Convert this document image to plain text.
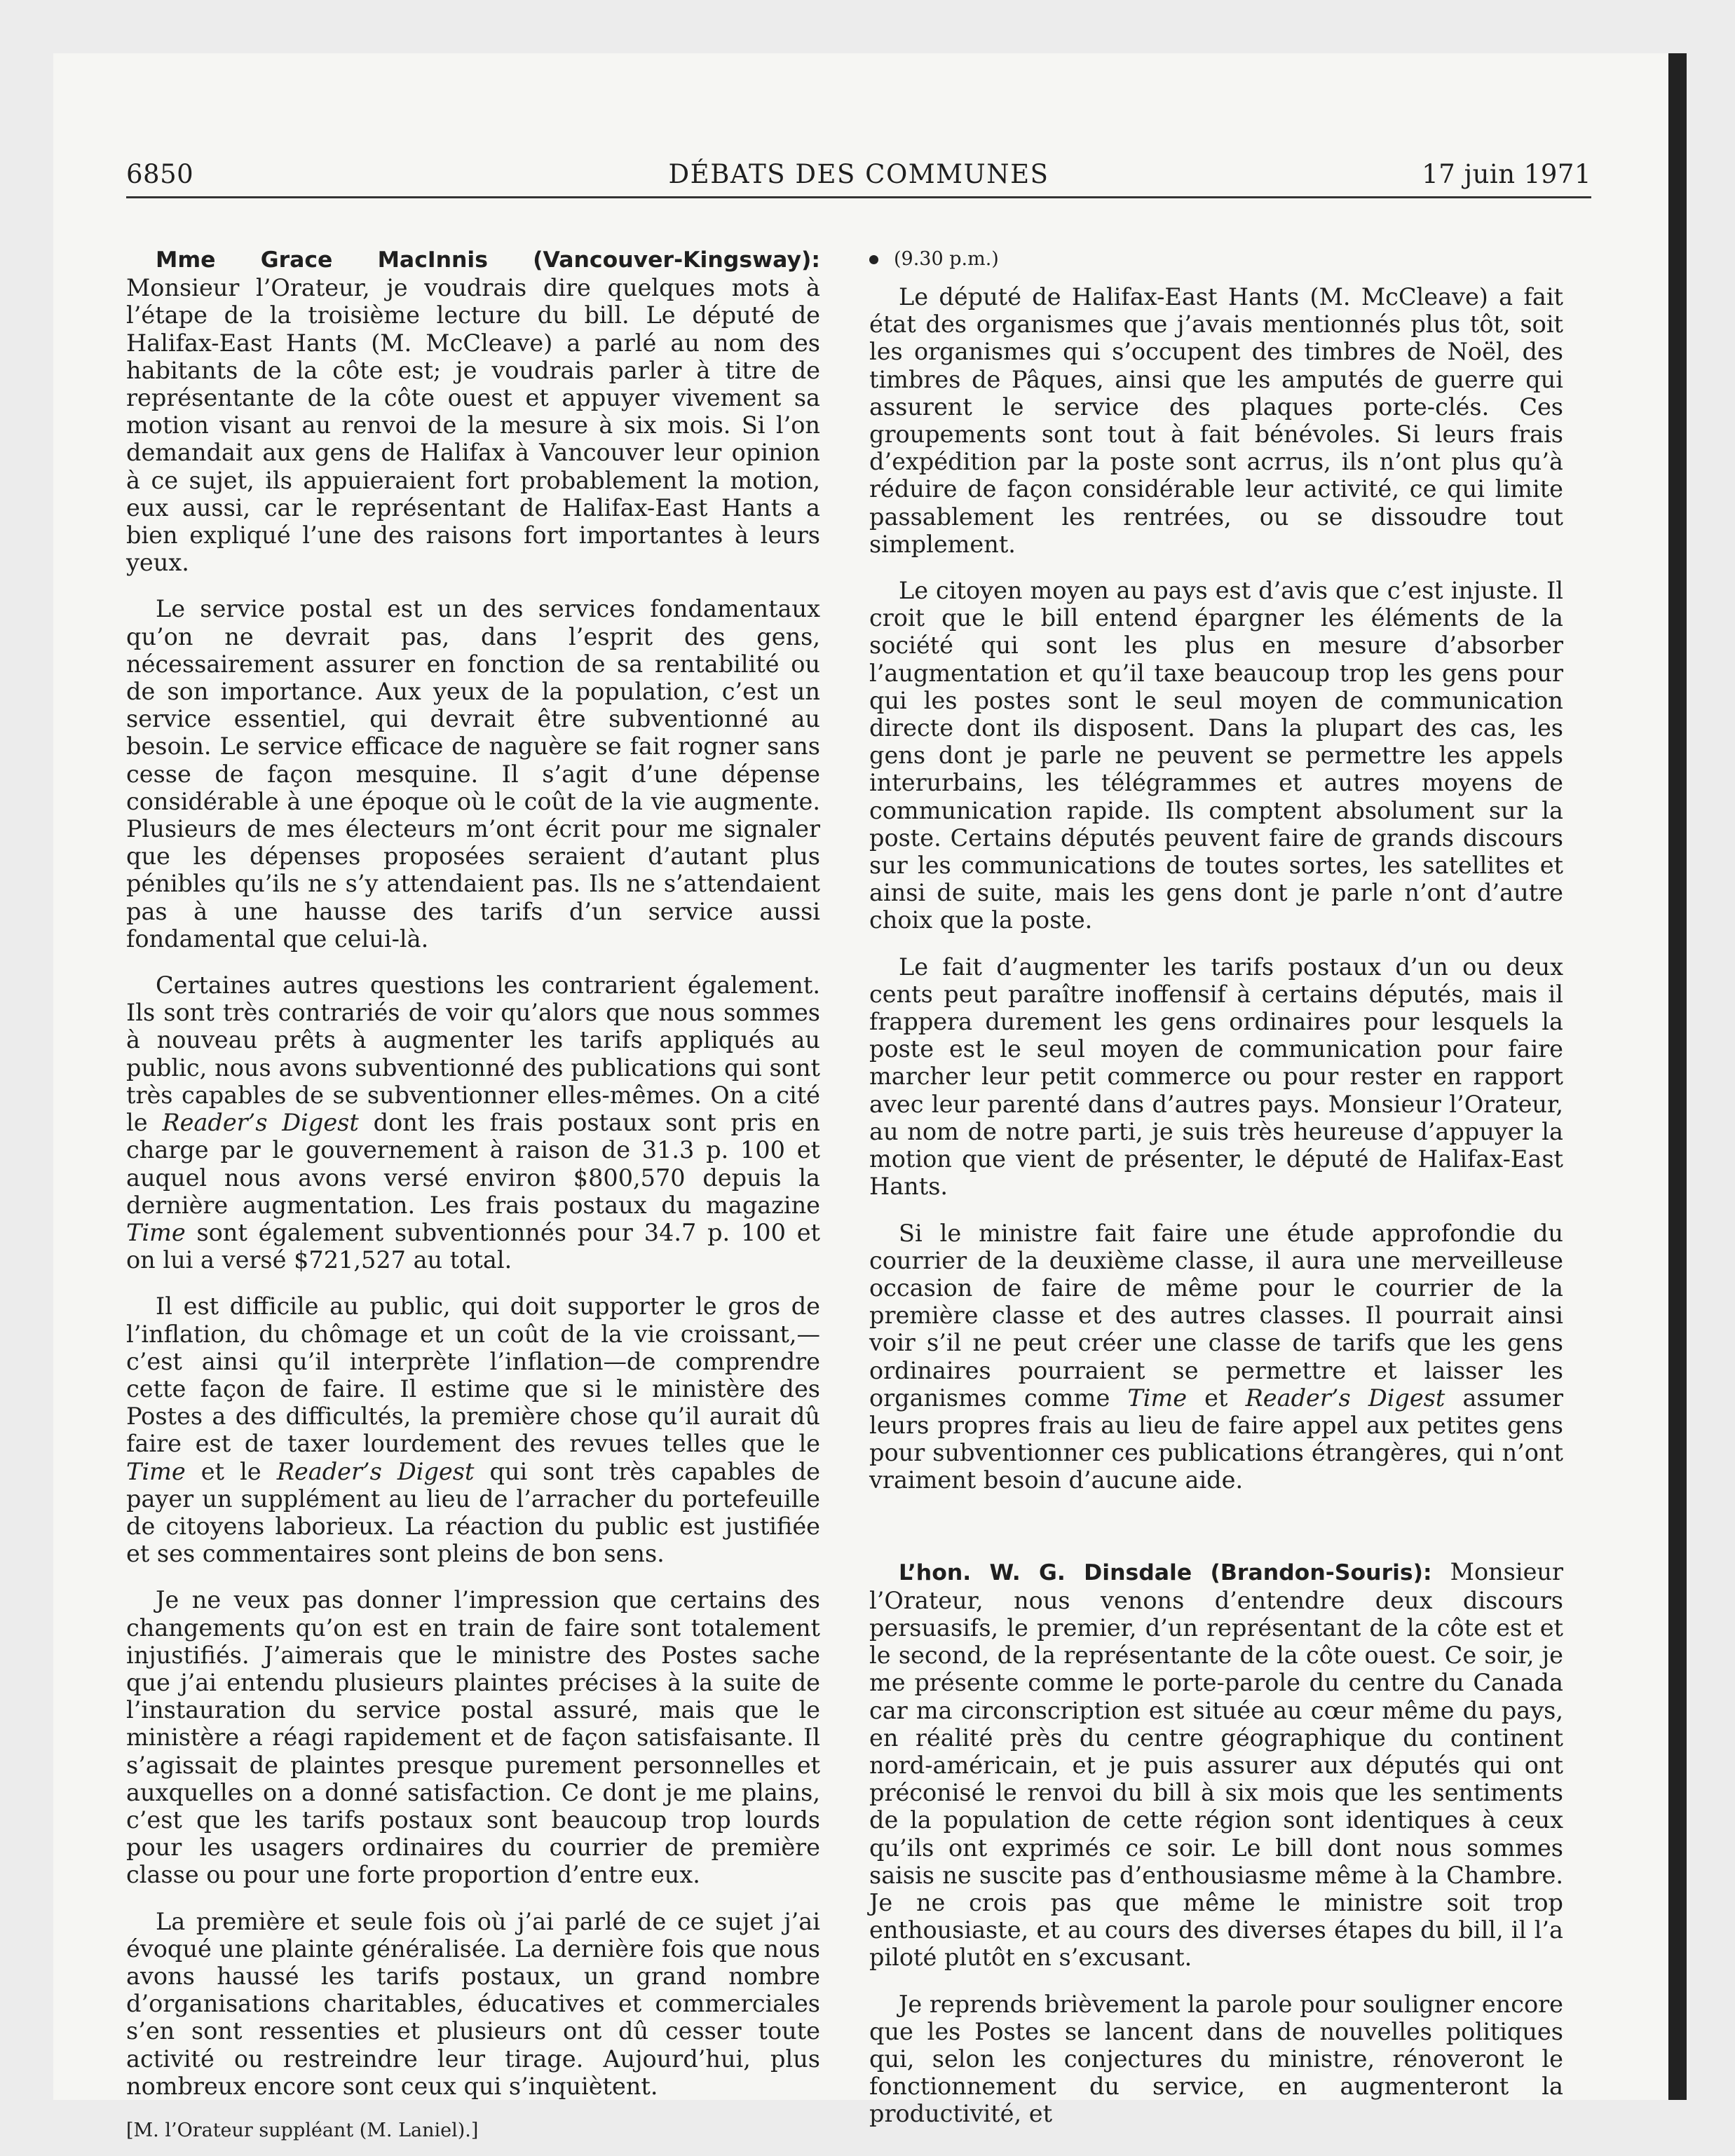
6850	DÉBATS DES COMMUNES	17 juin 1971

Mme Grace MacInnis (Vancouver-Kingsway): Monsieur l’Orateur, je voudrais dire quelques mots à l’étape de la troisième lecture du bill. Le député de Halifax-East Hants (M. McCleave) a parlé au nom des habitants de la côte est; je voudrais parler à titre de représentante de la côte ouest et appuyer vivement sa motion visant au renvoi de la mesure à six mois. Si l’on demandait aux gens de Halifax à Vancouver leur opinion à ce sujet, ils appuieraient fort probablement la motion, eux aussi, car le représentant de Halifax-East Hants a bien expliqué l’une des raisons fort importantes à leurs yeux.

Le service postal est un des services fondamentaux qu’on ne devrait pas, dans l’esprit des gens, nécessairement assurer en fonction de sa rentabilité ou de son importance. Aux yeux de la population, c’est un service essentiel, qui devrait être subventionné au besoin. Le service efficace de naguère se fait rogner sans cesse de façon mesquine. Il s’agit d’une dépense considérable à une époque où le coût de la vie augmente. Plusieurs de mes électeurs m’ont écrit pour me signaler que les dépenses proposées seraient d’autant plus pénibles qu’ils ne s’y attendaient pas. Ils ne s’attendaient pas à une hausse des tarifs d’un service aussi fondamental que celui-là.

Certaines autres questions les contrarient également. Ils sont très contrariés de voir qu’alors que nous sommes à nouveau prêts à augmenter les tarifs appliqués au public, nous avons subventionné des publications qui sont très capables de se subventionner elles-mêmes. On a cité le Reader’s Digest dont les frais postaux sont pris en charge par le gouvernement à raison de 31.3 p. 100 et auquel nous avons versé environ $800,570 depuis la dernière augmentation. Les frais postaux du magazine Time sont également subventionnés pour 34.7 p. 100 et on lui a versé $721,527 au total.

Il est difficile au public, qui doit supporter le gros de l’inflation, du chômage et un coût de la vie croissant,—c’est ainsi qu’il interprète l’inflation—de comprendre cette façon de faire. Il estime que si le ministère des Postes a des difficultés, la première chose qu’il aurait dû faire est de taxer lourdement des revues telles que le Time et le Reader’s Digest qui sont très capables de payer un supplément au lieu de l’arracher du portefeuille de citoyens laborieux. La réaction du public est justifiée et ses commentaires sont pleins de bon sens.

Je ne veux pas donner l’impression que certains des changements qu’on est en train de faire sont totalement injustifiés. J’aimerais que le ministre des Postes sache que j’ai entendu plusieurs plaintes précises à la suite de l’instauration du service postal assuré, mais que le ministère a réagi rapidement et de façon satisfaisante. Il s’agissait de plaintes presque purement personnelles et auxquelles on a donné satisfaction. Ce dont je me plains, c’est que les tarifs postaux sont beaucoup trop lourds pour les usagers ordinaires du courrier de première classe ou pour une forte proportion d’entre eux.

La première et seule fois où j’ai parlé de ce sujet j’ai évoqué une plainte généralisée. La dernière fois que nous avons haussé les tarifs postaux, un grand nombre d’organisations charitables, éducatives et commerciales s’en sont ressenties et plusieurs ont dû cesser toute activité ou restreindre leur tirage. Aujourd’hui, plus nombreux encore sont ceux qui s’inquiètent.

[M. l’Orateur suppléant (M. Laniel).]
(9.30 p.m.)

Le député de Halifax-East Hants (M. McCleave) a fait état des organismes que j’avais mentionnés plus tôt, soit les organismes qui s’occupent des timbres de Noël, des timbres de Pâques, ainsi que les amputés de guerre qui assurent le service des plaques porte-clés. Ces groupements sont tout à fait bénévoles. Si leurs frais d’expédition par la poste sont acrrus, ils n’ont plus qu’à réduire de façon considérable leur activité, ce qui limite passablement les rentrées, ou se dissoudre tout simplement.

Le citoyen moyen au pays est d’avis que c’est injuste. Il croit que le bill entend épargner les éléments de la société qui sont les plus en mesure d’absorber l’augmentation et qu’il taxe beaucoup trop les gens pour qui les postes sont le seul moyen de communication directe dont ils disposent. Dans la plupart des cas, les gens dont je parle ne peuvent se permettre les appels interurbains, les télégrammes et autres moyens de communication rapide. Ils comptent absolument sur la poste. Certains députés peuvent faire de grands discours sur les communications de toutes sortes, les satellites et ainsi de suite, mais les gens dont je parle n’ont d’autre choix que la poste.

Le fait d’augmenter les tarifs postaux d’un ou deux cents peut paraître inoffensif à certains députés, mais il frappera durement les gens ordinaires pour lesquels la poste est le seul moyen de communication pour faire marcher leur petit commerce ou pour rester en rapport avec leur parenté dans d’autres pays. Monsieur l’Orateur, au nom de notre parti, je suis très heureuse d’appuyer la motion que vient de présenter, le député de Halifax-East Hants.

Si le ministre fait faire une étude approfondie du courrier de la deuxième classe, il aura une merveilleuse occasion de faire de même pour le courrier de la première classe et des autres classes. Il pourrait ainsi voir s’il ne peut créer une classe de tarifs que les gens ordinaires pourraient se permettre et laisser les organismes comme Time et Reader’s Digest assumer leurs propres frais au lieu de faire appel aux petites gens pour subventionner ces publications étrangères, qui n’ont vraiment besoin d’aucune aide.

L’hon. W. G. Dinsdale (Brandon-Souris): Monsieur l’Orateur, nous venons d’entendre deux discours persuasifs, le premier, d’un représentant de la côte est et le second, de la représentante de la côte ouest. Ce soir, je me présente comme le porte-parole du centre du Canada car ma circonscription est située au cœur même du pays, en réalité près du centre géographique du continent nord-américain, et je puis assurer aux députés qui ont préconisé le renvoi du bill à six mois que les sentiments de la population de cette région sont identiques à ceux qu’ils ont exprimés ce soir. Le bill dont nous sommes saisis ne suscite pas d’enthousiasme même à la Chambre. Je ne crois pas que même le ministre soit trop enthousiaste, et au cours des diverses étapes du bill, il l’a piloté plutôt en s’excusant.

Je reprends brièvement la parole pour souligner encore que les Postes se lancent dans de nouvelles politiques qui, selon les conjectures du ministre, rénoveront le fonctionnement du service, en augmenteront la productivité, et
